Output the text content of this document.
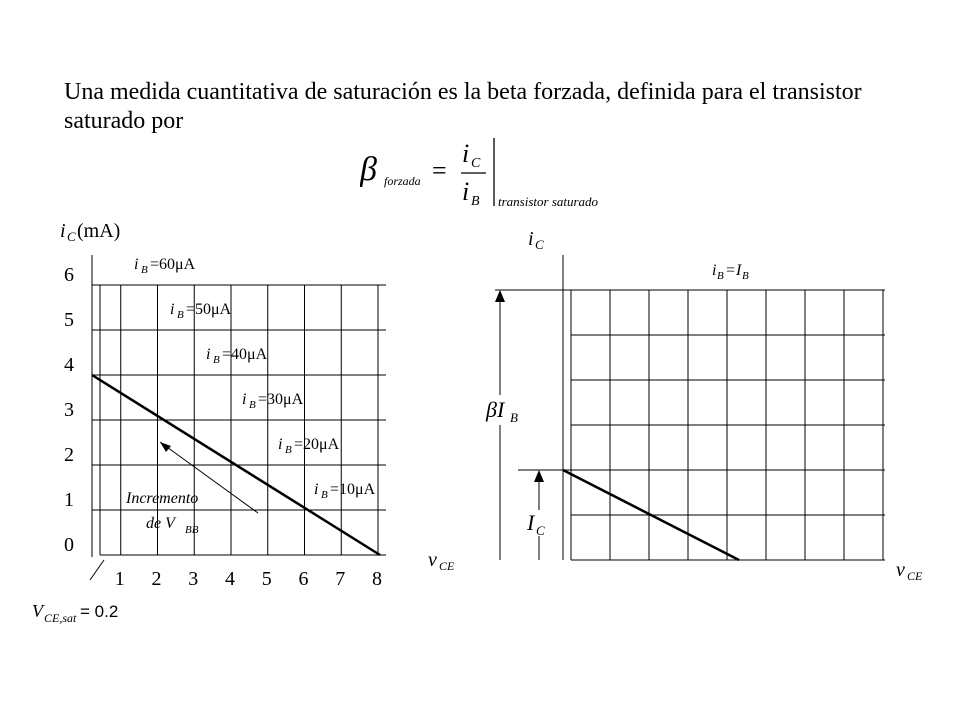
Una medida cuantitativa de saturación es la beta forzada, definida para el transistor saturado por
β forzada =
i C
i B transistor saturado
i B =60μA
i B =50μA
i B =40μA
i B =30μA
i B =20μA
i B =10μA
0
1
2
3
4
5
6
1 2 3 4 5 6 7 8
i C (mA)
v CE
Incremento
de V BB
V CE,sat = 0.2
i C
i B = I B
βI B
I C
v CE
